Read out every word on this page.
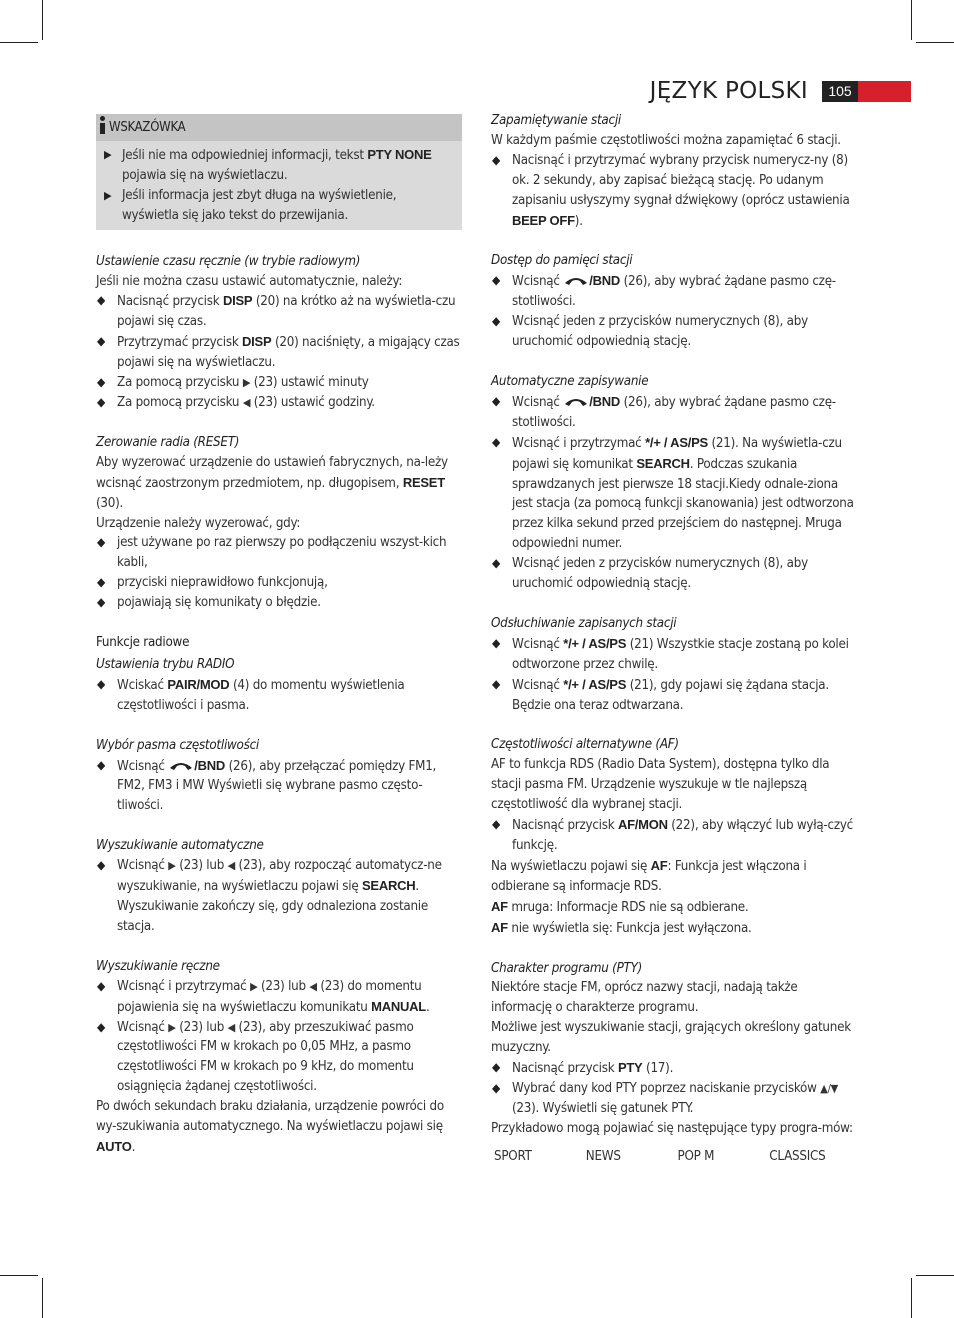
JĘZYK POLSKI	105
WSKAZÓWKA
▶ Jeśli nie ma odpowiedniej informacji, tekst PTY NONE pojawia się na wyświetlaczu.
▶ Jeśli informacja jest zbyt długa na wyświetlenie, wyświetla się jako tekst do przewijania.

Ustawienie czasu ręcznie (w trybie radiowym)

Jeśli nie można czasu ustawić automatycznie, należy:

◆ Nacisnąć przycisk DISP (20) na krótko aż na wyświetla-czu pojawi się czas.
◆ Przytrzymać przycisk DISP (20) naciśnięty, a migający czas pojawi się na wyświetlaczu.
◆ Za pomocą przycisku ▶ (23) ustawić minuty
◆ Za pomocą przycisku ◀ (23) ustawić godziny.

Zerowanie radia (RESET)

Aby wyzerować urządzenie do ustawień fabrycznych, na-leży wcisnąć zaostrzonym przedmiotem, np. długopisem, RESET (30).

Urządzenie należy wyzerować, gdy:

◆ jest używane po raz pierwszy po podłączeniu wszyst-kich kabli,
◆ przyciski nieprawidłowo funkcjonują,
◆ pojawiają się komunikaty o błędzie.

Funkcje radiowe

Ustawienia trybu RADIO

◆ Wciskać PAIR/MOD (4) do momentu wyświetlenia częstotliwości i pasma.

Wybór pasma częstotliwości

◆ Wcisnąć /BND (26), aby przełączać pomiędzy FM1, FM2, FM3 i MW Wyświetli się wybrane pasmo często-tliwości.

Wyszukiwanie automatyczne

◆ Wcisnąć ▶ (23) lub ◀ (23), aby rozpocząć automatycz-ne wyszukiwanie, na wyświetlaczu pojawi się SEARCH. Wyszukiwanie zakończy się, gdy odnaleziona zostanie stacja.

Wyszukiwanie ręczne

◆ Wcisnąć i przytrzymać ▶ (23) lub ◀ (23) do momentu pojawienia się na wyświetlaczu komunikatu MANUAL.
◆ Wcisnąć ▶ (23) lub ◀ (23), aby przeszukiwać pasmo częstotliwości FM w krokach po 0,05 MHz, a pasmo częstotliwości FM w krokach po 9 kHz, do momentu osiągnięcia żądanej częstotliwości.

Po dwóch sekundach braku działania, urządzenie powróci do wy-szukiwania automatycznego. Na wyświetlaczu pojawi się AUTO.

Zapamiętywanie stacji

W każdym paśmie częstotliwości można zapamiętać 6 stacji.

◆ Nacisnąć i przytrzymać wybrany przycisk numerycz-ny (8) ok. 2 sekundy, aby zapisać bieżącą stację. Po udanym zapisaniu usłyszymy sygnał dźwiękowy (oprócz ustawienia BEEP OFF).

Dostęp do pamięci stacji

◆ Wcisnąć /BND (26), aby wybrać żądane pasmo czę-stotliwości.
◆ Wcisnąć jeden z przycisków numerycznych (8), aby uruchomić odpowiednią stację.

Automatyczne zapisywanie

◆ Wcisnąć /BND (26), aby wybrać żądane pasmo czę-stotliwości.
◆ Wcisnąć i przytrzymać */+ / AS/PS (21). Na wyświetla-czu pojawi się komunikat SEARCH. Podczas szukania sprawdzanych jest pierwsze 18 stacji.Kiedy odnale-ziona jest stacja (za pomocą funkcji skanowania) jest odtworzona przez kilka sekund przed przejściem do następnej. Mruga odpowiedni numer.
◆ Wcisnąć jeden z przycisków numerycznych (8), aby uruchomić odpowiednią stację.

Odsłuchiwanie zapisanych stacji

◆ Wcisnąć */+ / AS/PS (21) Wszystkie stacje zostaną po kolei odtworzone przez chwilę.
◆ Wcisnąć */+ / AS/PS (21), gdy pojawi się żądana stacja. Będzie ona teraz odtwarzana.

Częstotliwości alternatywne (AF)

AF to funkcja RDS (Radio Data System), dostępna tylko dla stacji pasma FM. Urządzenie wyszukuje w tle najlepszą częstotliwość dla wybranej stacji.

◆ Nacisnąć przycisk AF/MON (22), aby włączyć lub wyłą-czyć funkcję.

Na wyświetlaczu pojawi się AF: Funkcja jest włączona i odbierane są informacje RDS.

AF mruga: Informacje RDS nie są odbierane.

AF nie wyświetla się: Funkcja jest wyłączona.

Charakter programu (PTY)

Niektóre stacje FM, oprócz nazwy stacji, nadają także informację o charakterze programu.

Możliwe jest wyszukiwanie stacji, grających określony gatunek muzyczny.

◆ Nacisnąć przycisk PTY (17).
◆ Wybrać dany kod PTY poprzez naciskanie przycisków ▲/▼ (23). Wyświetli się gatunek PTY.

Przykładowo mogą pojawiać się następujące typy progra-mów:

SPORT	NEWS	POP M	CLASSICS
